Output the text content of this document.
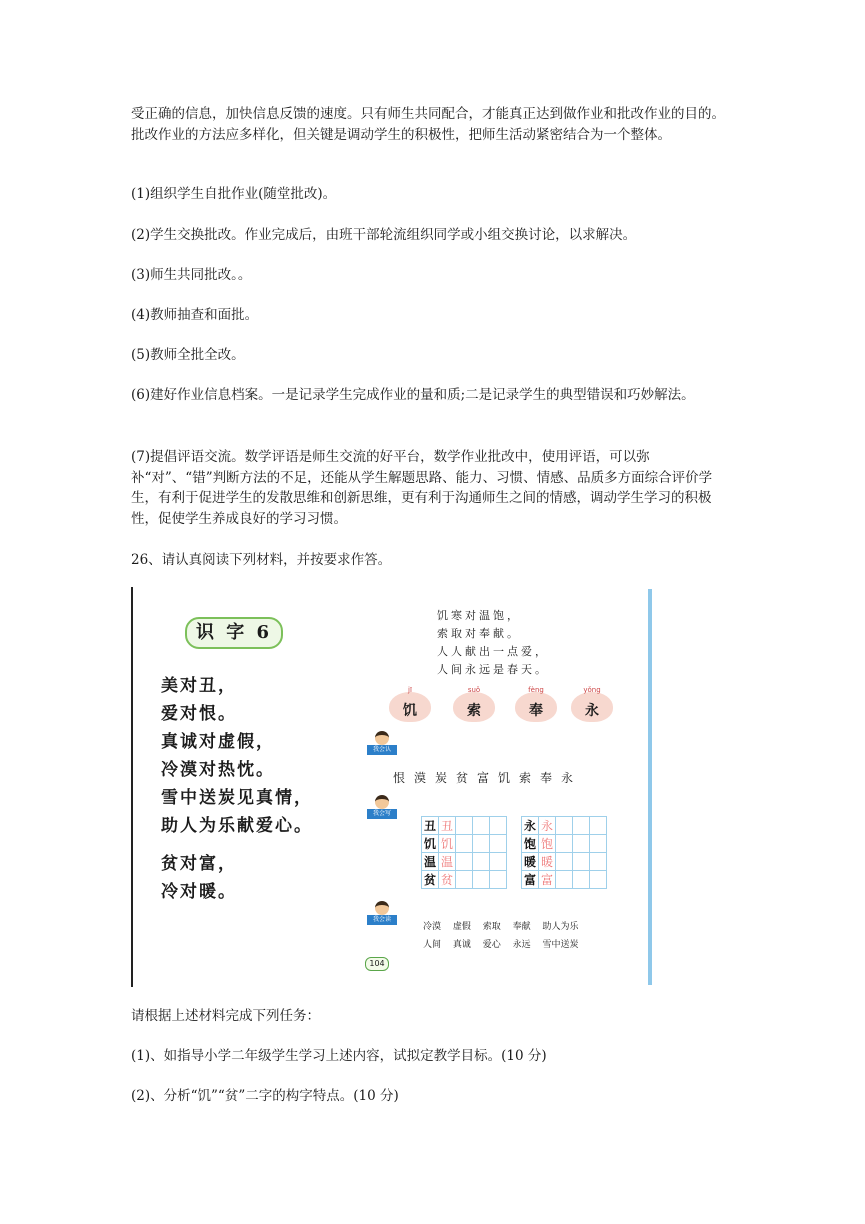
受正确的信息，加快信息反馈的速度。只有师生共同配合，才能真正达到做作业和批改作业的目的。批改作业的方法应多样化，但关键是调动学生的积极性，把师生活动紧密结合为一个整体。

(1)组织学生自批作业(随堂批改)。

(2)学生交换批改。作业完成后，由班干部轮流组织同学或小组交换讨论，以求解决。

(3)师生共同批改。。

(4)教师抽查和面批。

(5)教师全批全改。

(6)建好作业信息档案。一是记录学生完成作业的量和质;二是记录学生的典型错误和巧妙解法。

(7)提倡评语交流。数学评语是师生交流的好平台，数学作业批改中，使用评语，可以弥补“对”、“错”判断方法的不足，还能从学生解题思路、能力、习惯、情感、品质多方面综合评价学生，有利于促进学生的发散思维和创新思维，更有利于沟通师生之间的情感，调动学生学习的积极性，促使学生养成良好的学习习惯。

26、请认真阅读下列材料，并按要求作答。

识 字 6
美对丑，
爱对恨。
真诚对虚假，
冷漠对热忱。
雪中送炭见真情，
助人为乐献爱心。
贫对富，
冷对暖。
饥寒对温饱，
索取对奉献。
人人献出一点爱，
人间永远是春天。
jī
饥
suǒ
索
fèng
奉
yǒng
永
我会认
恨漠炭贫富饥索奉永
我会写
丑	丑					永	永			
饥	饥					饱	饱			
温	温					暖	暖			
贫	贫					富	富			
我会读
冷漠 虚假 索取 奉献 助人为乐
人间 真诚 爱心 永远 雪中送炭
104

请根据上述材料完成下列任务：

(1)、如指导小学二年级学生学习上述内容，试拟定教学目标。(10 分)

(2)、分析“饥”“贫”二字的构字特点。(10 分)
